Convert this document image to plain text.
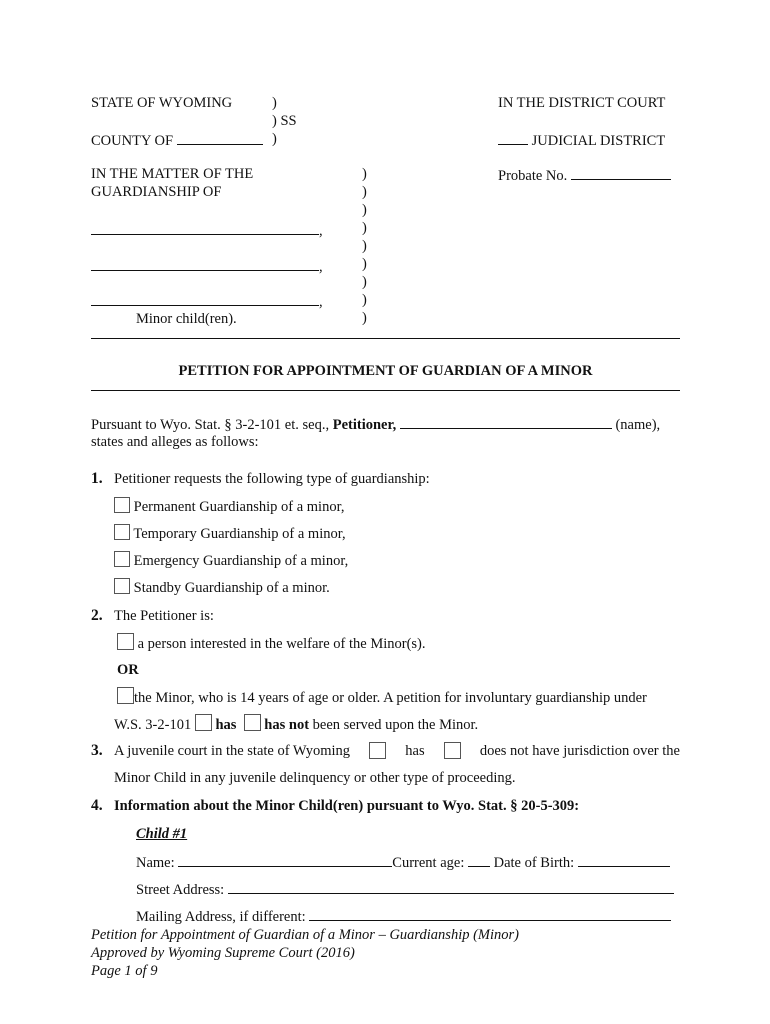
STATE OF WYOMING	)
) SS
COUNTY OF	)
IN THE DISTRICT COURT
JUDICIAL DISTRICT
Probate No.
IN THE MATTER OF THE
GUARDIANSHIP OF
,
,
,
Minor child(ren).
)
)
)
)
)
)
)
)
)
PETITION FOR APPOINTMENT OF GUARDIAN OF A MINOR
Pursuant to Wyo. Stat. § 3-2-101 et. seq., Petitioner,	(name),
states and alleges as follows:
1. Petitioner requests the following type of guardianship:
Permanent Guardianship of a minor,
Temporary Guardianship of a minor,
Emergency Guardianship of a minor,
Standby Guardianship of a minor.
2. The Petitioner is:
a person interested in the welfare of the Minor(s).
OR
the Minor, who is 14 years of age or older. A petition for involuntary guardianship under
W.S. 3-2-101 has has not been served upon the Minor.
3. A juvenile court in the state of Wyoming	has	does not have jurisdiction over the
Minor Child in any juvenile delinquency or other type of proceeding.
4. Information about the Minor Child(ren) pursuant to Wyo. Stat. § 20-5-309:
Child #1
Name:	Current age: Date of Birth:
Street Address:
Mailing Address, if different:
Petition for Appointment of Guardian of a Minor – Guardianship (Minor)
Approved by Wyoming Supreme Court (2016)
Page 1 of 9
